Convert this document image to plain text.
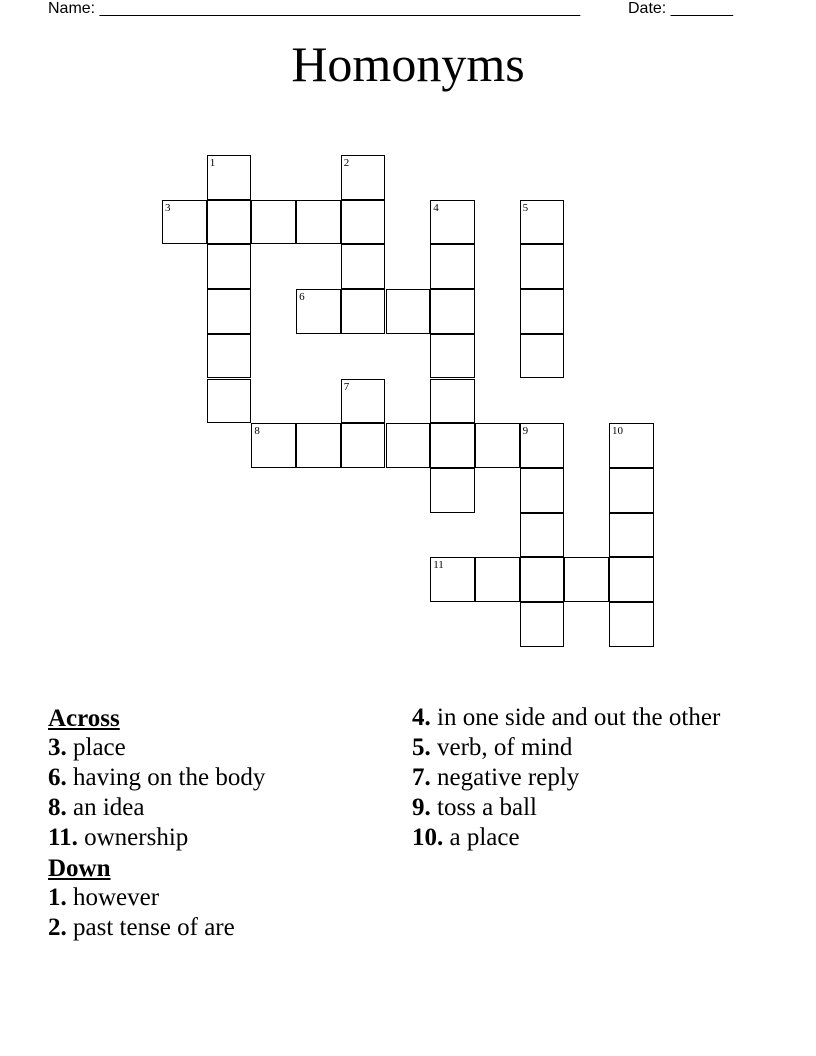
Name: ______________________________________________________	Date: _______
Homonyms
1	2
3	4	5
6
7
8	9	10
11
Across
3. place
6. having on the body
8. an idea
11. ownership
Down
1. however
2. past tense of are
4. in one side and out the other
5. verb, of mind
7. negative reply
9. toss a ball
10. a place
